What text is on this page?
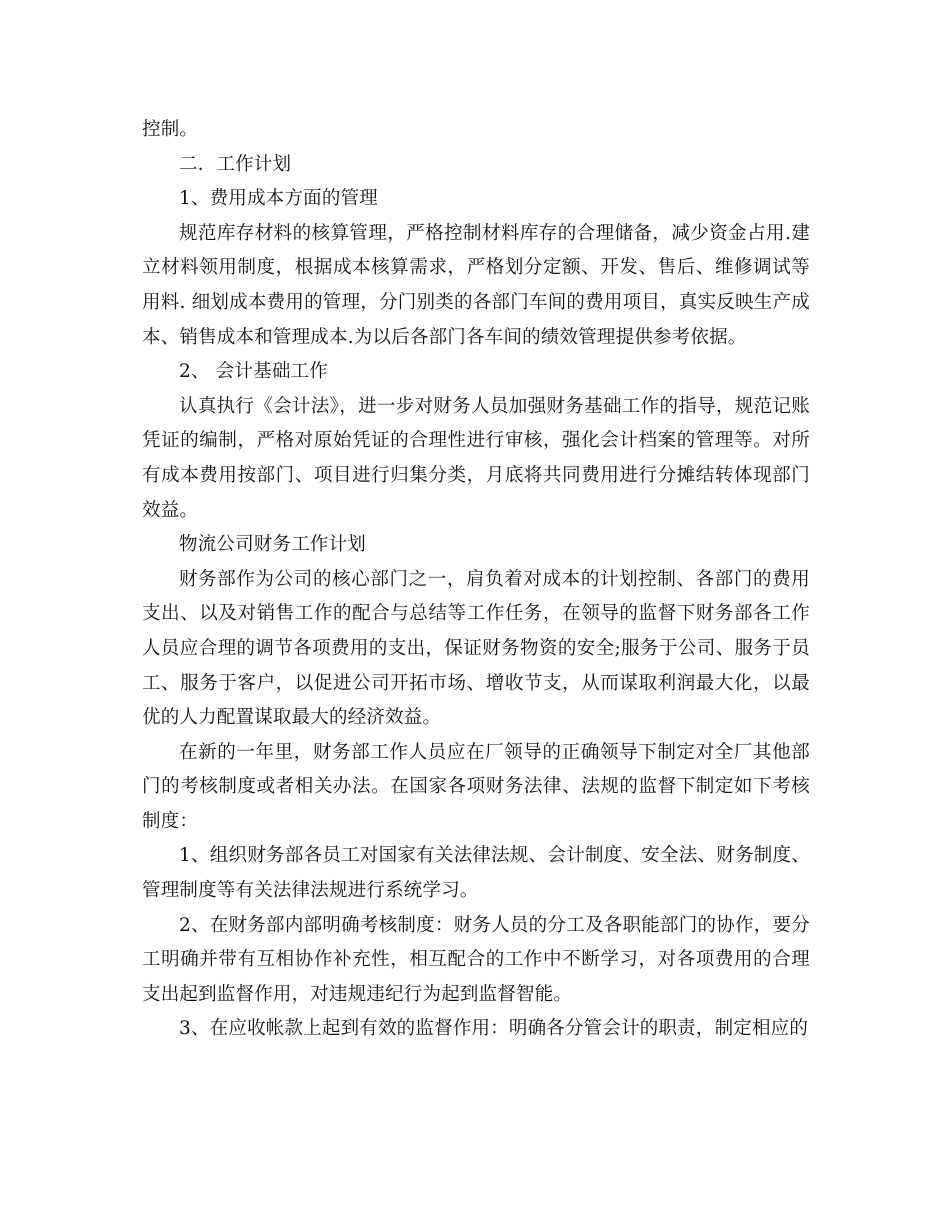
控制。

二．工作计划

1、费用成本方面的管理

规范库存材料的核算管理，严格控制材料库存的合理储备，减少资金占用.建立材料领用制度，根据成本核算需求，严格划分定额、开发、售后、维修调试等用料. 细划成本费用的管理，分门别类的各部门车间的费用项目，真实反映生产成本、销售成本和管理成本.为以后各部门各车间的绩效管理提供参考依据。

2、 会计基础工作

认真执行《会计法》，进一步对财务人员加强财务基础工作的指导，规范记账凭证的编制，严格对原始凭证的合理性进行审核，强化会计档案的管理等。对所有成本费用按部门、项目进行归集分类，月底将共同费用进行分摊结转体现部门效益。

物流公司财务工作计划

财务部作为公司的核心部门之一，肩负着对成本的计划控制、各部门的费用支出、以及对销售工作的配合与总结等工作任务，在领导的监督下财务部各工作人员应合理的调节各项费用的支出，保证财务物资的安全;服务于公司、服务于员工、服务于客户，以促进公司开拓市场、增收节支，从而谋取利润最大化，以最优的人力配置谋取最大的经济效益。

在新的一年里，财务部工作人员应在厂领导的正确领导下制定对全厂其他部门的考核制度或者相关办法。在国家各项财务法律、法规的监督下制定如下考核制度：

1、组织财务部各员工对国家有关法律法规、会计制度、安全法、财务制度、管理制度等有关法律法规进行系统学习。

2、在财务部内部明确考核制度：财务人员的分工及各职能部门的协作，要分工明确并带有互相协作补充性，相互配合的工作中不断学习，对各项费用的合理支出起到监督作用，对违规违纪行为起到监督智能。

3、在应收帐款上起到有效的监督作用：明确各分管会计的职责，制定相应的
